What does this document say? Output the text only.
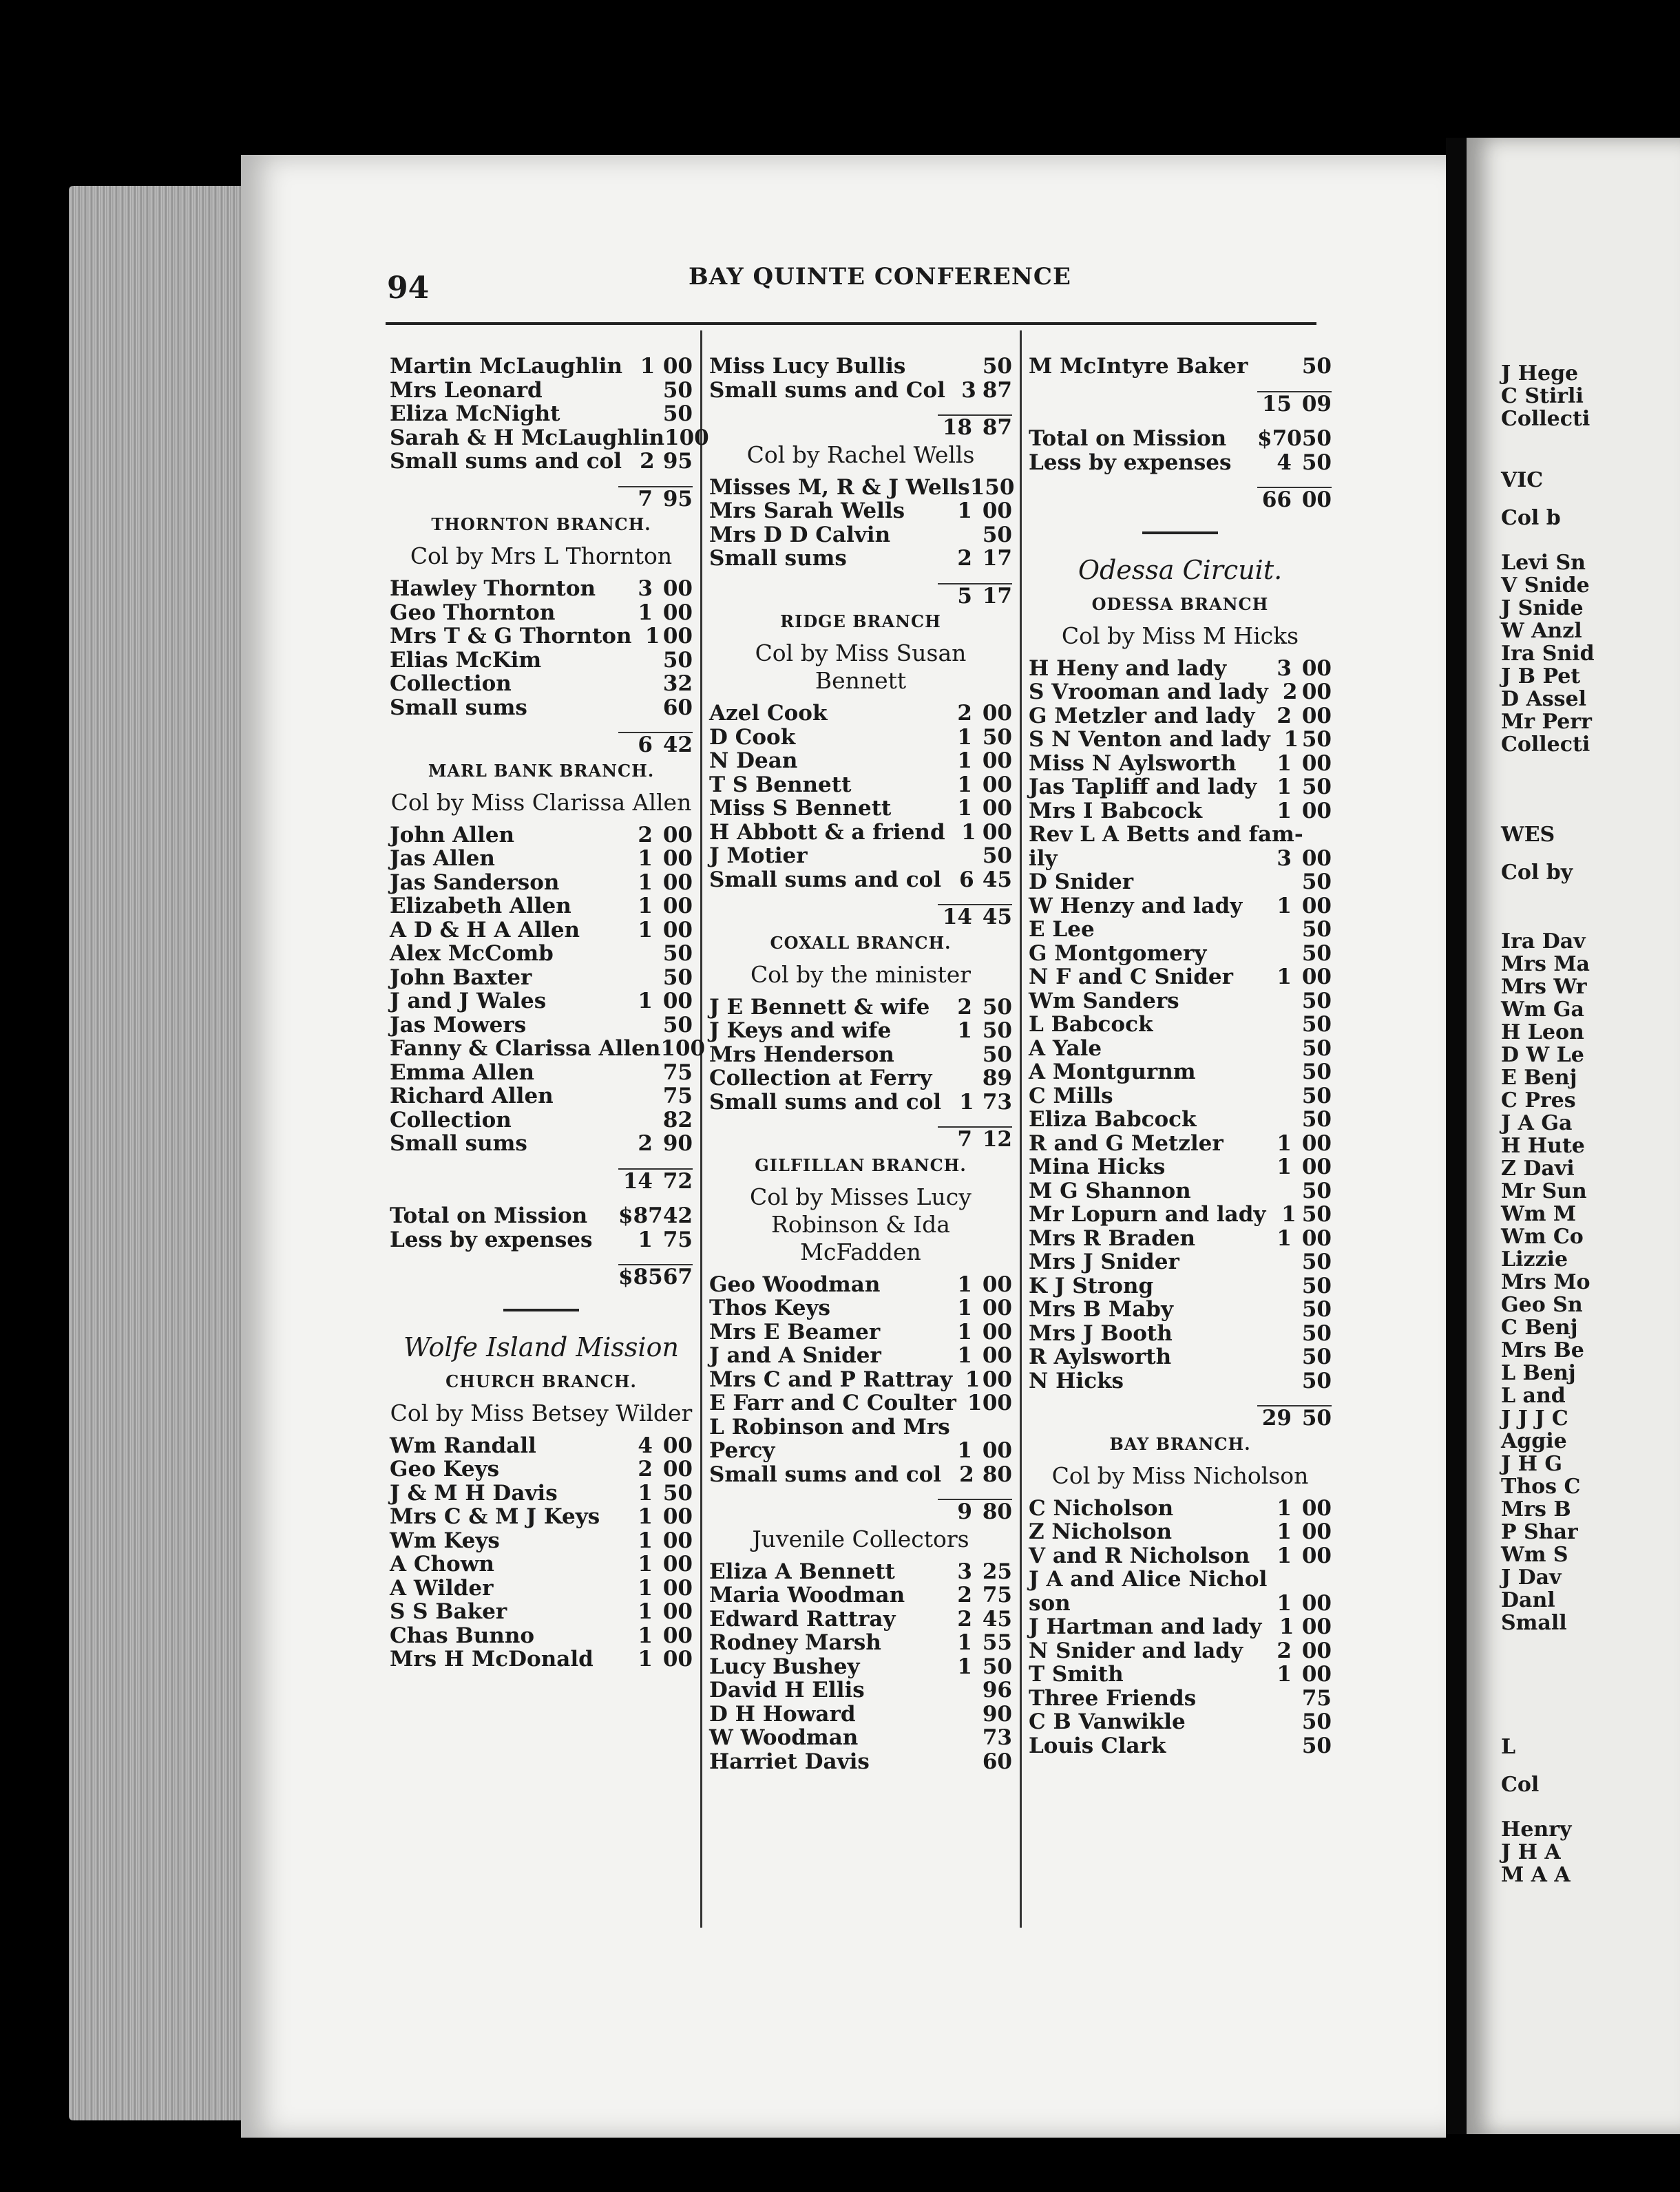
94	BAY QUINTE CONFERENCE
Martin McLaughlin 1 00
Mrs Leonard	50
Eliza McNight	50
Sarah & H McLaughlin 1 00
Small sums and col 2 95
7 95
THORNTON BRANCH.
Col by Mrs L Thornton
Hawley Thornton	3 00
Geo Thornton	1 00
Mrs T & G Thornton 1 00
Elias McKim	50
Collection	32
Small sums	60
6 42
MARL BANK BRANCH.
Col by Miss Clarissa Allen
John Allen	2 00
Jas Allen	1 00
Jas Sanderson	1 00
Elizabeth Allen	1 00
A D & H A Allen	1 00
Alex McComb	50
John Baxter	50
J and J Wales	1 00
Jas Mowers	50
Fanny & Clarissa Allen 1 00
Emma Allen	75
Richard Allen	75
Collection	82
Small sums	2 90
14 72
Total on Mission	$87 42
Less by expenses	1 75
$85 67
Wolfe Island Mission
CHURCH BRANCH.
Col by Miss Betsey Wilder
Wm Randall	4 00
Geo Keys	2 00
J & M H Davis	1 50
Mrs C & M J Keys	1 00
Wm Keys	1 00
A Chown	1 00
A Wilder	1 00
S S Baker	1 00
Chas Bunno	1 00
Mrs H McDonald	1 00
Miss Lucy Bullis	50
Small sums and Col 3 87
18 87
Col by Rachel Wells
Misses M, R & J Wells 1 50
Mrs Sarah Wells	1 00
Mrs D D Calvin	50
Small sums	2 17
5 17
RIDGE BRANCH
Col by Miss Susan Bennett
Azel Cook	2 00
D Cook	1 50
N Dean	1 00
T S Bennett	1 00
Miss S Bennett	1 00
H Abbott & a friend 1 00
J Motier	50
Small sums and col 6 45
14 45
COXALL BRANCH.
Col by the minister
J E Bennett & wife	2 50
J Keys and wife	1 50
Mrs Henderson	50
Collection at Ferry	89
Small sums and col 1 73
7 12
GILFILLAN BRANCH.
Col by Misses Lucy Robinson & Ida McFadden
Geo Woodman	1 00
Thos Keys	1 00
Mrs E Beamer	1 00
J and A Snider	1 00
Mrs C and P Rattray 1 00
E Farr and C Coulter 1 00
L Robinson and Mrs
Percy	1 00
Small sums and col 2 80
9 80
Juvenile Collectors
Eliza A Bennett	3 25
Maria Woodman	2 75
Edward Rattray	2 45
Rodney Marsh	1 55
Lucy Bushey	1 50
David H Ellis	96
D H Howard	90
W Woodman	73
Harriet Davis	60
M McIntyre Baker	50
15 09
Total on Mission	$70 50
Less by expenses	4 50
66 00
Odessa Circuit.
ODESSA BRANCH
Col by Miss M Hicks
H Heny and lady	3 00
S Vrooman and lady 2 00
G Metzler and lady	2 00
S N Venton and lady 1 50
Miss N Aylsworth	1 00
Jas Tapliff and lady 1 50
Mrs I Babcock	1 00
Rev L A Betts and fam-
ily	3 00
D Snider	50
W Henzy and lady	1 00
E Lee	50
G Montgomery	50
N F and C Snider	1 00
Wm Sanders	50
L Babcock	50
A Yale	50
A Montgurnm	50
C Mills	50
Eliza Babcock	50
R and G Metzler	1 00
Mina Hicks	1 00
M G Shannon	50
Mr Lopurn and lady 1 50
Mrs R Braden	1 00
Mrs J Snider	50
K J Strong	50
Mrs B Maby	50
Mrs J Booth	50
R Aylsworth	50
N Hicks	50
29 50
BAY BRANCH.
Col by Miss Nicholson
C Nicholson	1 00
Z Nicholson	1 00
V and R Nicholson	1 00
J A and Alice Nichol
son	1 00
J Hartman and lady 1 00
N Snider and lady	2 00
T Smith	1 00
Three Friends	75
C B Vanwikle	50
Louis Clark	50
J Hege
C Stirli
Collecti
VIC
Col b
Levi Sn
V Snide
J Snide
W Anzl
Ira Snid
J B Pet
D Assel
Mr Perr
Collecti
WES
Col by
Ira Dav
Mrs Ma
Mrs Wr
Wm Ga
H Leon
D W Le
E Benj
C Pres
J A Ga
H Hute
Z Davi
Mr Sun
Wm M
Wm Co
Lizzie
Mrs Mo
Geo Sn
C Benj
Mrs Be
L Benj
L and
J J J C
Aggie
J H G
Thos C
Mrs B
P Shar
Wm S
J Dav
Danl
Small
L
Col
Henry
J H A
M A A
